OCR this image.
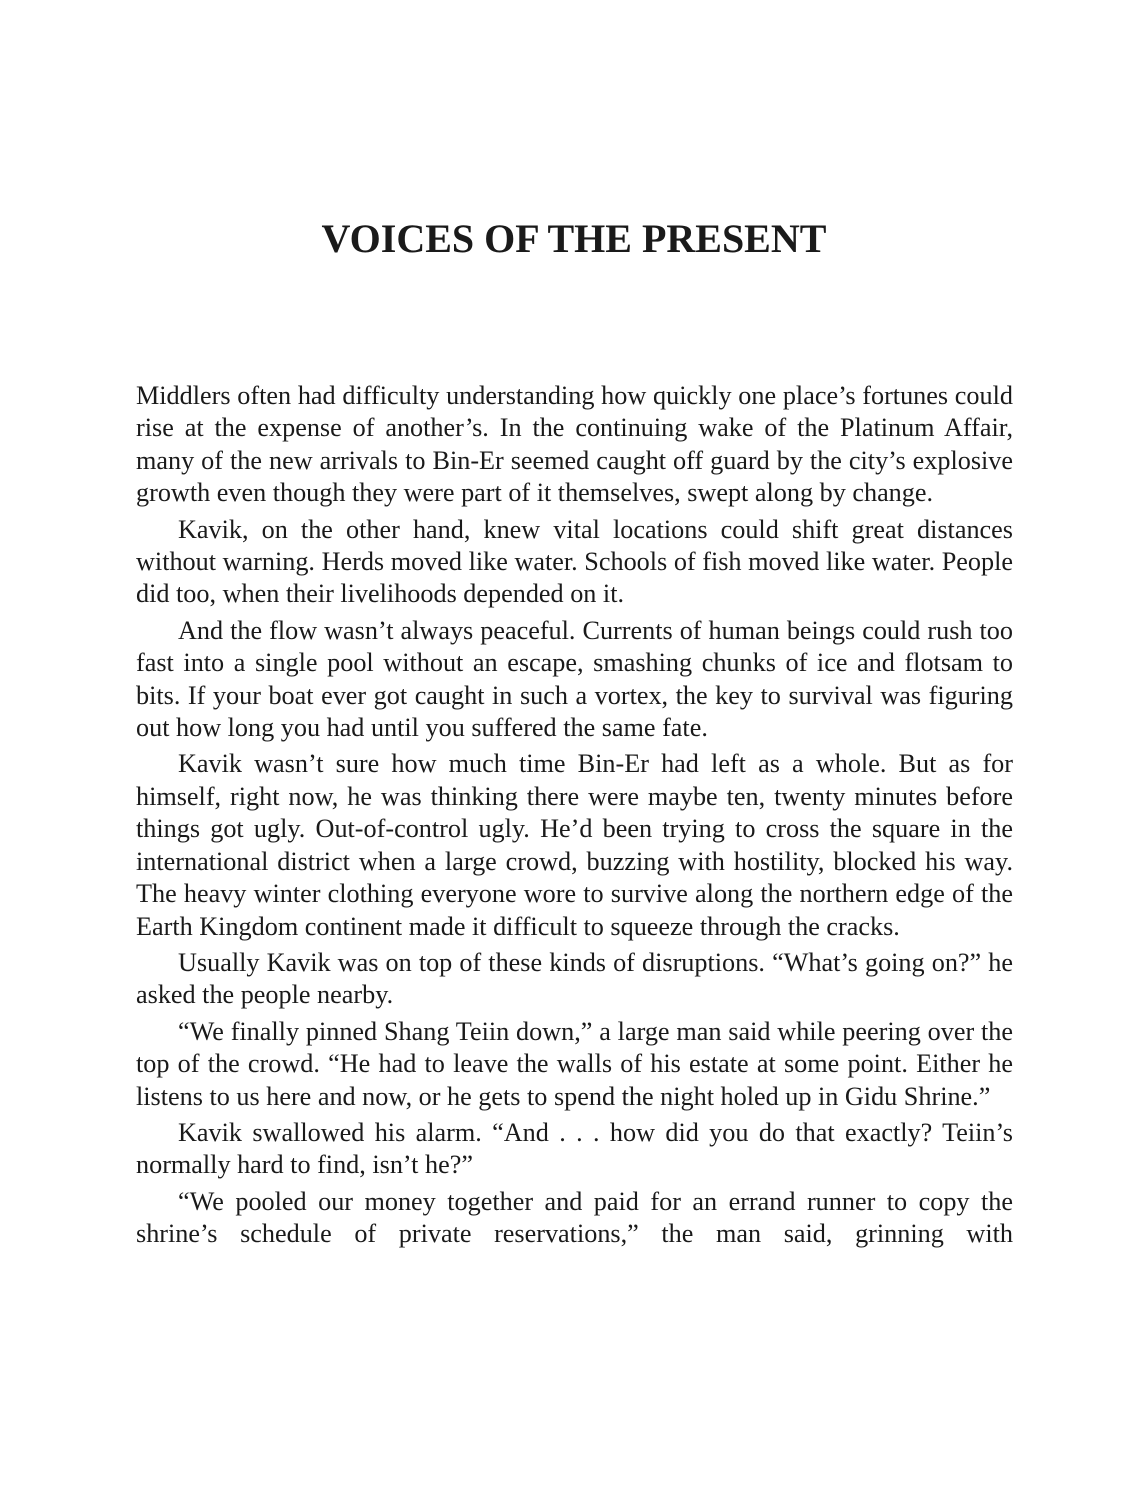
VOICES OF THE PRESENT

Middlers often had difficulty understanding how quickly one place’s fortunes could rise at the expense of another’s. In the continuing wake of the Platinum Affair, many of the new arrivals to Bin-Er seemed caught off guard by the city’s explosive growth even though they were part of it themselves, swept along by change.

Kavik, on the other hand, knew vital locations could shift great distances without warning. Herds moved like water. Schools of fish moved like water. People did too, when their livelihoods depended on it.

And the flow wasn’t always peaceful. Currents of human beings could rush too fast into a single pool without an escape, smashing chunks of ice and flotsam to bits. If your boat ever got caught in such a vortex, the key to survival was figuring out how long you had until you suffered the same fate.

Kavik wasn’t sure how much time Bin-Er had left as a whole. But as for himself, right now, he was thinking there were maybe ten, twenty minutes before things got ugly. Out-of-control ugly. He’d been trying to cross the square in the international district when a large crowd, buzzing with hostility, blocked his way. The heavy winter clothing everyone wore to survive along the northern edge of the Earth Kingdom continent made it difficult to squeeze through the cracks.

Usually Kavik was on top of these kinds of disruptions. “What’s going on?” he asked the people nearby.

“We finally pinned Shang Teiin down,” a large man said while peering over the top of the crowd. “He had to leave the walls of his estate at some point. Either he listens to us here and now, or he gets to spend the night holed up in Gidu Shrine.”

Kavik swallowed his alarm. “And . . . how did you do that exactly? Teiin’s normally hard to find, isn’t he?”

“We pooled our money together and paid for an errand runner to copy the shrine’s schedule of private reservations,” the man said, grinning with
